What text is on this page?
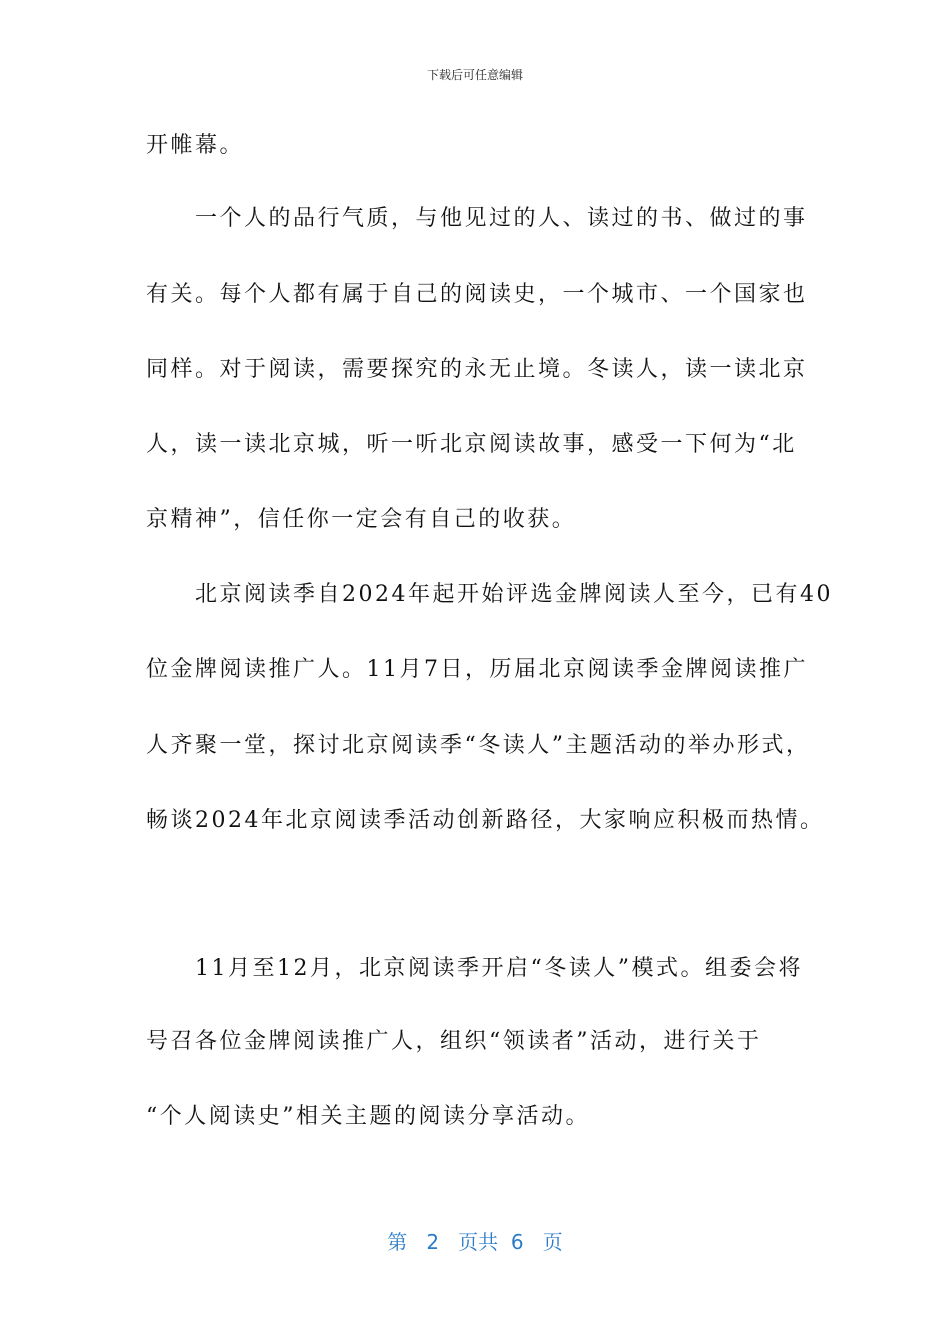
下载后可任意编辑
开帷幕。
　　一个人的品行气质，与他见过的人、读过的书、做过的事
有关。每个人都有属于自己的阅读史，一个城市、一个国家也
同样。对于阅读，需要探究的永无止境。冬读人，读一读北京
人，读一读北京城，听一听北京阅读故事，感受一下何为“北
京精神”，信任你一定会有自己的收获。
　　北京阅读季自2024年起开始评选金牌阅读人至今，已有40
位金牌阅读推广人。11月7日，历届北京阅读季金牌阅读推广
人齐聚一堂，探讨北京阅读季“冬读人”主题活动的举办形式，
畅谈2024年北京阅读季活动创新路径，大家响应积极而热情。
　　11月至12月，北京阅读季开启“冬读人”模式。组委会将
号召各位金牌阅读推广人，组织“领读者”活动，进行关于
“个人阅读史”相关主题的阅读分享活动。
第 2 页共 6 页
